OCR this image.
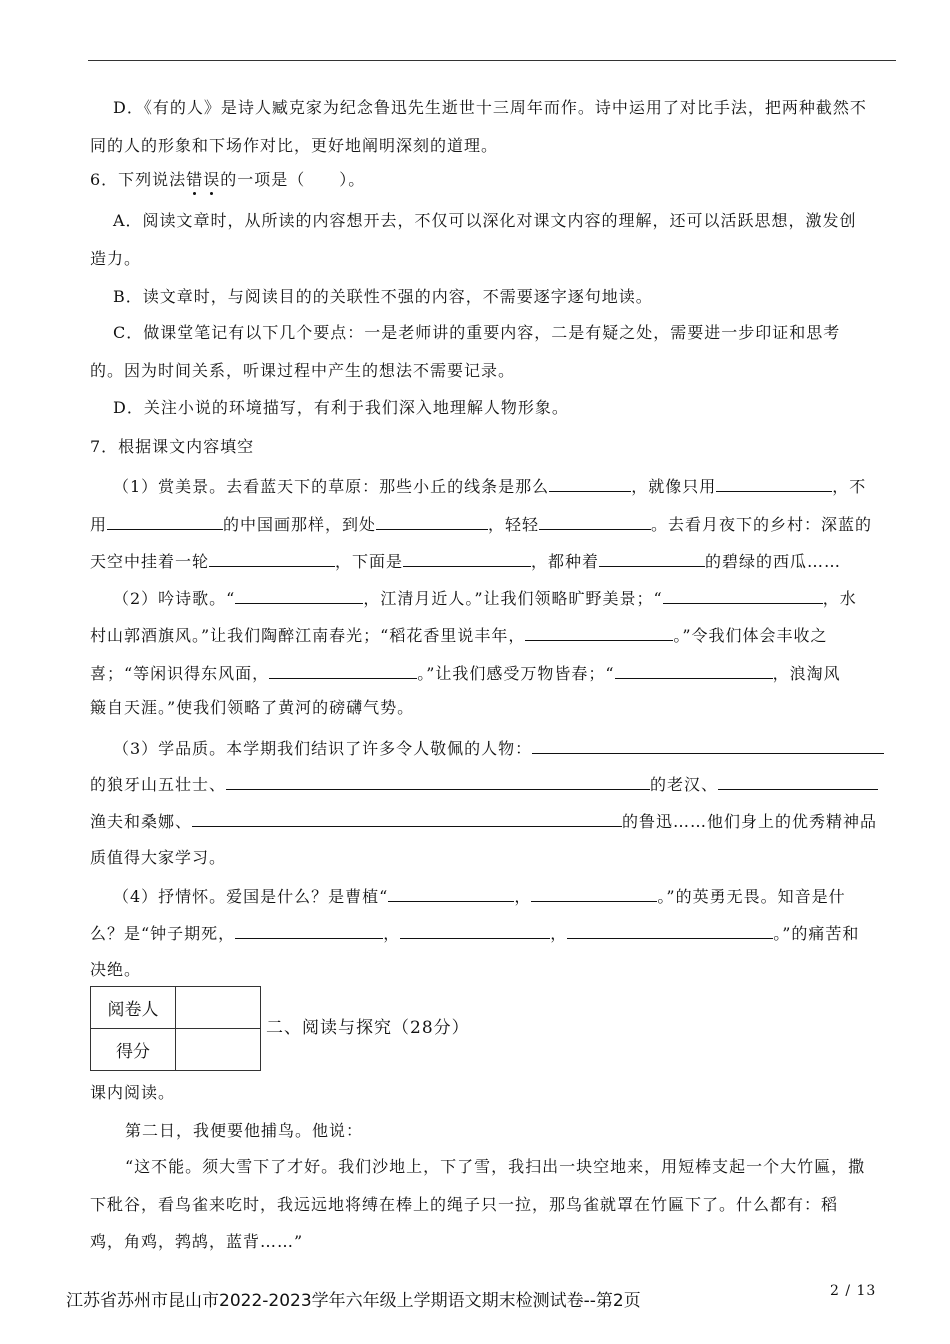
D．《有的人》是诗人臧克家为纪念鲁迅先生逝世十三周年而作。诗中运用了对比手法，把两种截然不
同的人的形象和下场作对比，更好地阐明深刻的道理。
6．下列说法错误的一项是（　　）。
A．阅读文章时，从所读的内容想开去，不仅可以深化对课文内容的理解，还可以活跃思想，激发创
造力。
B．读文章时，与阅读目的的关联性不强的内容，不需要逐字逐句地读。
C．做课堂笔记有以下几个要点：一是老师讲的重要内容，二是有疑之处，需要进一步印证和思考
的。因为时间关系，听课过程中产生的想法不需要记录。
D．关注小说的环境描写，有利于我们深入地理解人物形象。
7．根据课文内容填空
（1）赏美景。去看蓝天下的草原：那些小丘的线条是那么	，就像只用	，不
用	的中国画那样，到处	，轻轻	。去看月夜下的乡村：深蓝的
天空中挂着一轮	，下面是	，都种着	的碧绿的西瓜……
（2）吟诗歌。“	，江清月近人。”让我们领略旷野美景；“	，水
村山郭酒旗风。”让我们陶醉江南春光；“稻花香里说丰年，	。”令我们体会丰收之
喜；“等闲识得东风面，	。”让我们感受万物皆春；“	，浪淘风
簸自天涯。”使我们领略了黄河的磅礴气势。
（3）学品质。本学期我们结识了许多令人敬佩的人物：
的狼牙山五壮士、	的老汉、
渔夫和桑娜、	的鲁迅……他们身上的优秀精神品
质值得大家学习。
（4）抒情怀。爱国是什么？是曹植“	，	。”的英勇无畏。知音是什
么？是“钟子期死，	，	，	。”的痛苦和
决绝。
阅卷人	
得分	
二、阅读与探究（28分）
课内阅读。
第二日，我便要他捕鸟。他说：
“这不能。须大雪下了才好。我们沙地上，下了雪，我扫出一块空地来，用短棒支起一个大竹匾，撒
下秕谷，看鸟雀来吃时，我远远地将缚在棒上的绳子只一拉，那鸟雀就罩在竹匾下了。什么都有：稻
鸡，角鸡，鹁鸪，蓝背……”
江苏省苏州市昆山市2022-2023学年六年级上学期语文期末检测试卷--第2页	2 / 13
